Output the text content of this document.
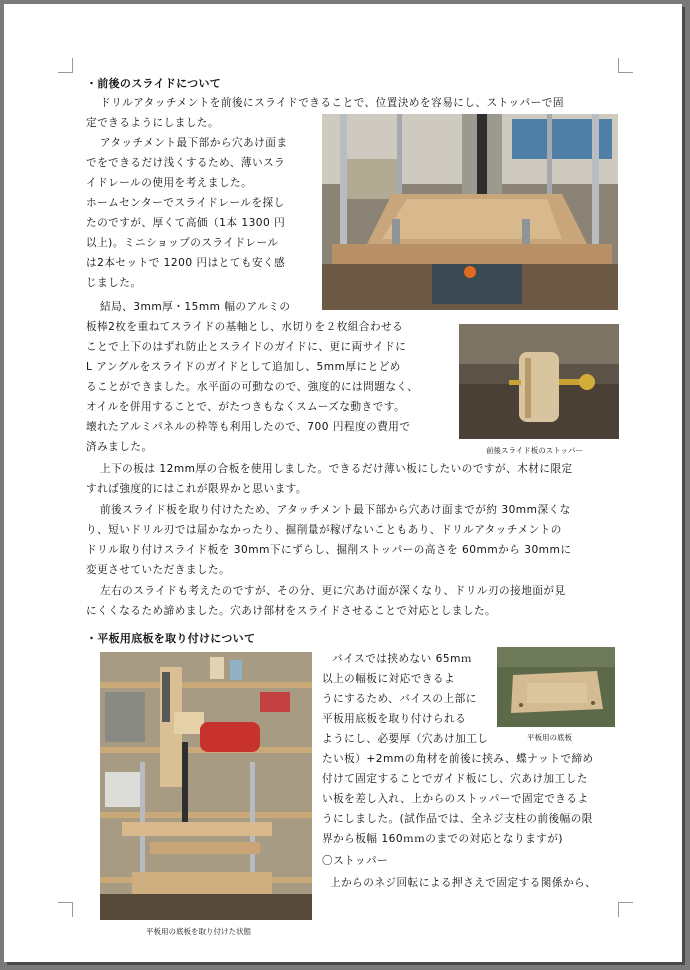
・前後のスライドについて
ドリルアタッチメントを前後にスライドできることで、位置決めを容易にし、ストッパーで固
定できるようにしました。
アタッチメント最下部から穴あけ面ま
でをできるだけ浅くするため、薄いスラ
イドレールの使用を考えました。
ホームセンターでスライドレールを探し
たのですが、厚くて高価（1本 1300 円
以上)。ミニショップのスライドレール
は2本セットで 1200 円はとても安く感
じました。
結局、3mm厚・15mm 幅のアルミの
板棒2枚を重ねてスライドの基軸とし、水切りを２枚組合わせる
ことで上下のはずれ防止とスライドのガイドに、更に両サイドに
L アングルをスライドのガイドとして追加し、5mm厚にとどめ
ることができました。水平面の可動なので、強度的には問題なく、
オイルを併用することで、がたつきもなくスムーズな動きです。
壊れたアルミパネルの枠等も利用したので、700 円程度の費用で
済みました。
上下の板は 12mm厚の合板を使用しました。できるだけ薄い板にしたいのですが、木材に限定
すれば強度的にはこれが限界かと思います。
前後スライド板を取り付けたため、アタッチメント最下部から穴あけ面までが約 30mm深くな
り、短いドリル刃では届かなかったり、掘削量が稼げないこともあり、ドリルアタッチメントの
ドリル取り付けスライド板を 30mm下にずらし、掘削ストッパーの高さを 60mmから 30mmに
変更させていただきました。
左右のスライドも考えたのですが、その分、更に穴あけ面が深くなり、ドリル刃の接地面が見
にくくなるため諦めました。穴あけ部材をスライドさせることで対応としました。
前後スライド板のストッパー
・平板用底板を取り付けについて
平板用の底板を取り付けた状態
平板用の底板
バイスでは挟めない 65mｍ
以上の幅板に対応できるよ
うにするため、バイスの上部に
平板用底板を取り付けられる
ようにし、必要厚（穴あけ加工し
たい板）+2mmの角材を前後に挟み、蝶ナットで締め
付けて固定することでガイド板にし、穴あけ加工した
い板を差し入れ、上からのストッパーで固定できるよ
うにしました。(試作品では、全ネジ支柱の前後幅の限
界から板幅 160ｍｍのまでの対応となりますが)
〇ストッパー
上からのネジ回転による押さえで固定する関係から、
